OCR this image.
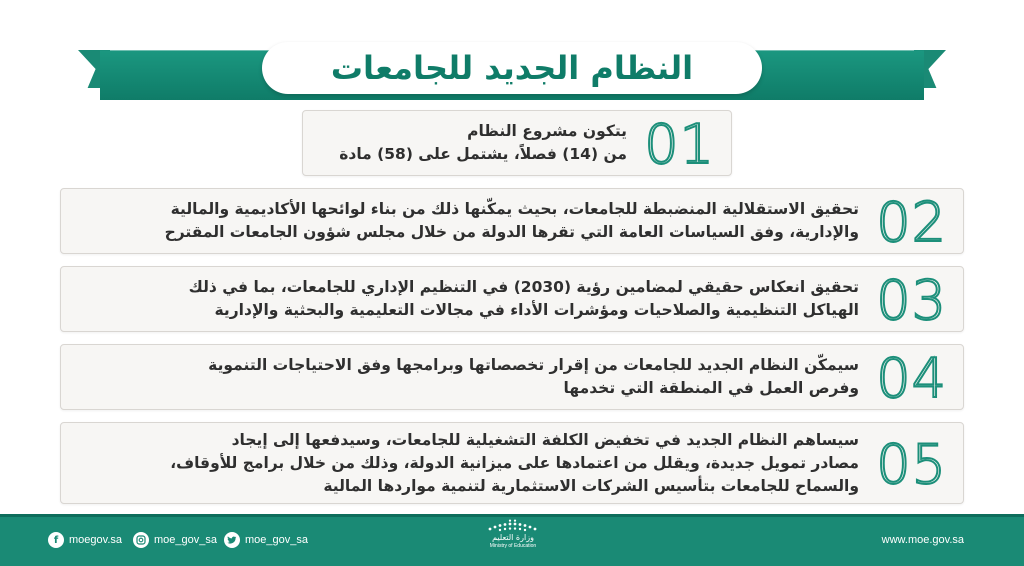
النظام الجديد للجامعات
يتكون مشروع النظام
من (14) فصلاً، يشتمل على (58) مادة 01
تحقيق الاستقلالية المنضبطة للجامعات، بحيث يمكّنها ذلك من بناء لوائحها الأكاديمية والمالية
والإدارية، وفق السياسات العامة التي تقرها الدولة من خلال مجلس شؤون الجامعات المقترح 02
تحقيق انعكاس حقيقي لمضامين رؤية (2030) في التنظيم الإداري للجامعات، بما في ذلك
الهياكل التنظيمية والصلاحيات ومؤشرات الأداء في مجالات التعليمية والبحثية والإدارية 03
سيمكّن النظام الجديد للجامعات من إقرار تخصصاتها وبرامجها وفق الاحتياجات التنموية
وفرص العمل في المنطقة التي تخدمها 04
سيساهم النظام الجديد في تخفيض الكلفة التشغيلية للجامعات، وسيدفعها إلى إيجاد
مصادر تمويل جديدة، ويقلل من اعتمادها على ميزانية الدولة، وذلك من خلال برامج للأوقاف،
والسماح للجامعات بتأسيس الشركات الاستثمارية لتنمية مواردها المالية 05
f moegov.sa	moe_gov_sa	moe_gov_sa	وزارة التعليم
Ministry of Education	www.moe.gov.sa
